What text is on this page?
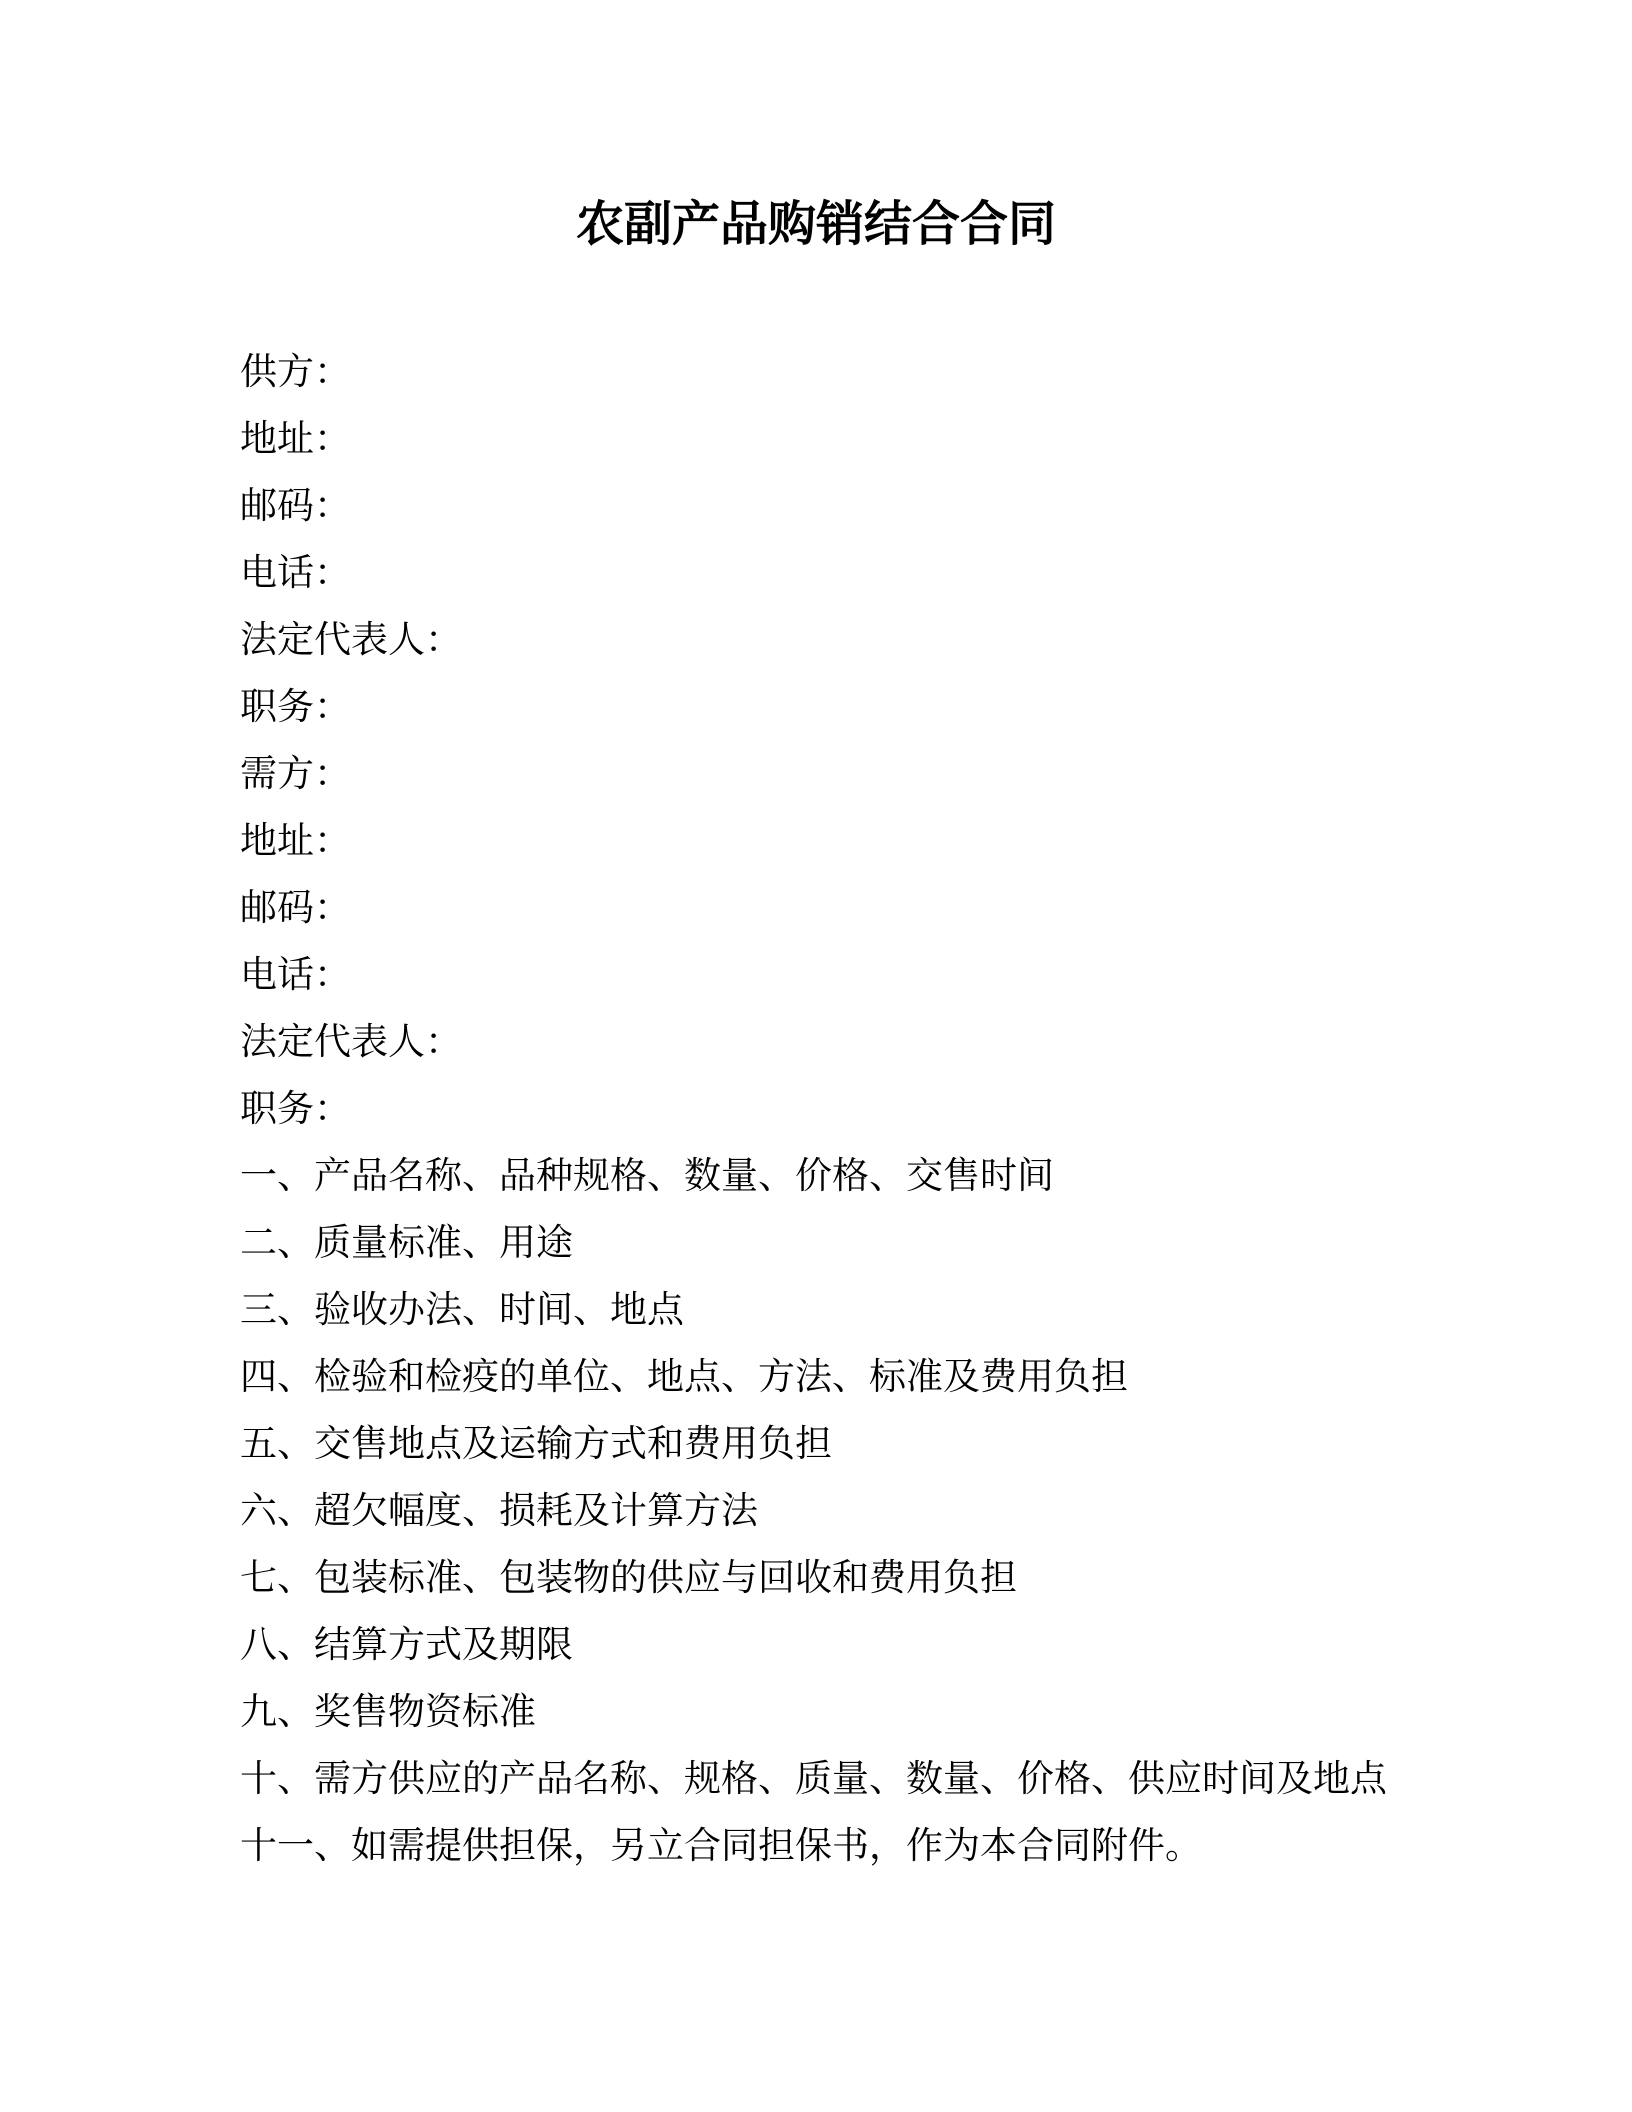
农副产品购销结合合同
供方：
地址：
邮码：
电话：
法定代表人：
职务：
需方：
地址：
邮码：
电话：
法定代表人：
职务：
一、产品名称、品种规格、数量、价格、交售时间
二、质量标准、用途
三、验收办法、时间、地点
四、检验和检疫的单位、地点、方法、标准及费用负担
五、交售地点及运输方式和费用负担
六、超欠幅度、损耗及计算方法
七、包装标准、包装物的供应与回收和费用负担
八、结算方式及期限
九、奖售物资标准
十、需方供应的产品名称、规格、质量、数量、价格、供应时间及地点
十一、如需提供担保，另立合同担保书，作为本合同附件。
